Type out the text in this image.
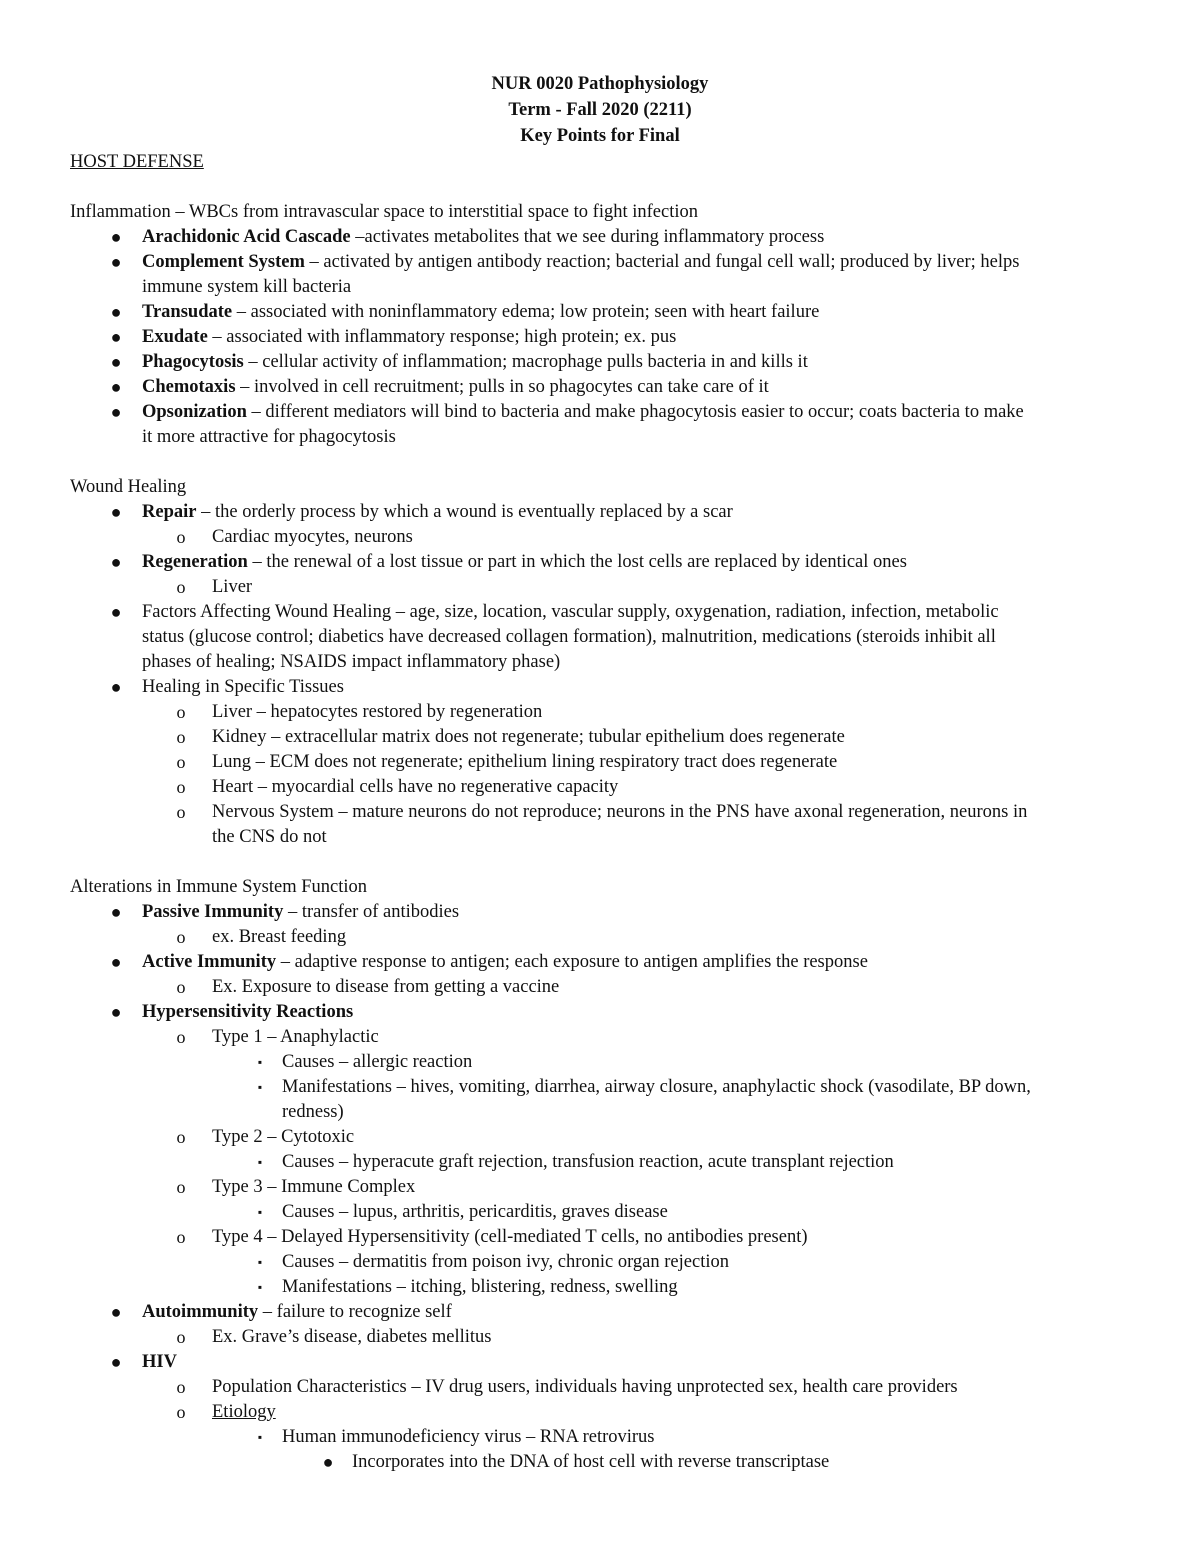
NUR 0020 Pathophysiology
Term - Fall 2020 (2211)
Key Points for Final
HOST DEFENSE
Inflammation – WBCs from intravascular space to interstitial space to fight infection
● Arachidonic Acid Cascade –activates metabolites that we see during inflammatory process
● Complement System – activated by antigen antibody reaction; bacterial and fungal cell wall; produced by liver; helps
immune system kill bacteria
● Transudate – associated with noninflammatory edema; low protein; seen with heart failure
● Exudate – associated with inflammatory response; high protein; ex. pus
● Phagocytosis – cellular activity of inflammation; macrophage pulls bacteria in and kills it
● Chemotaxis – involved in cell recruitment; pulls in so phagocytes can take care of it
● Opsonization – different mediators will bind to bacteria and make phagocytosis easier to occur; coats bacteria to make
it more attractive for phagocytosis
Wound Healing
● Repair – the orderly process by which a wound is eventually replaced by a scar
o Cardiac myocytes, neurons
● Regeneration – the renewal of a lost tissue or part in which the lost cells are replaced by identical ones
o Liver
● Factors Affecting Wound Healing – age, size, location, vascular supply, oxygenation, radiation, infection, metabolic
status (glucose control; diabetics have decreased collagen formation), malnutrition, medications (steroids inhibit all
phases of healing; NSAIDS impact inflammatory phase)
● Healing in Specific Tissues
o Liver – hepatocytes restored by regeneration
o Kidney – extracellular matrix does not regenerate; tubular epithelium does regenerate
o Lung – ECM does not regenerate; epithelium lining respiratory tract does regenerate
o Heart – myocardial cells have no regenerative capacity
o Nervous System – mature neurons do not reproduce; neurons in the PNS have axonal regeneration, neurons in
the CNS do not
Alterations in Immune System Function
● Passive Immunity – transfer of antibodies
o ex. Breast feeding
● Active Immunity – adaptive response to antigen; each exposure to antigen amplifies the response
o Ex. Exposure to disease from getting a vaccine
● Hypersensitivity Reactions
o Type 1 – Anaphylactic
▪ Causes – allergic reaction
▪ Manifestations – hives, vomiting, diarrhea, airway closure, anaphylactic shock (vasodilate, BP down,
redness)
o Type 2 – Cytotoxic
▪ Causes – hyperacute graft rejection, transfusion reaction, acute transplant rejection
o Type 3 – Immune Complex
▪ Causes – lupus, arthritis, pericarditis, graves disease
o Type 4 – Delayed Hypersensitivity (cell-mediated T cells, no antibodies present)
▪ Causes – dermatitis from poison ivy, chronic organ rejection
▪ Manifestations – itching, blistering, redness, swelling
● Autoimmunity – failure to recognize self
o Ex. Grave’s disease, diabetes mellitus
● HIV
o Population Characteristics – IV drug users, individuals having unprotected sex, health care providers
o Etiology
▪ Human immunodeficiency virus – RNA retrovirus
● Incorporates into the DNA of host cell with reverse transcriptase
